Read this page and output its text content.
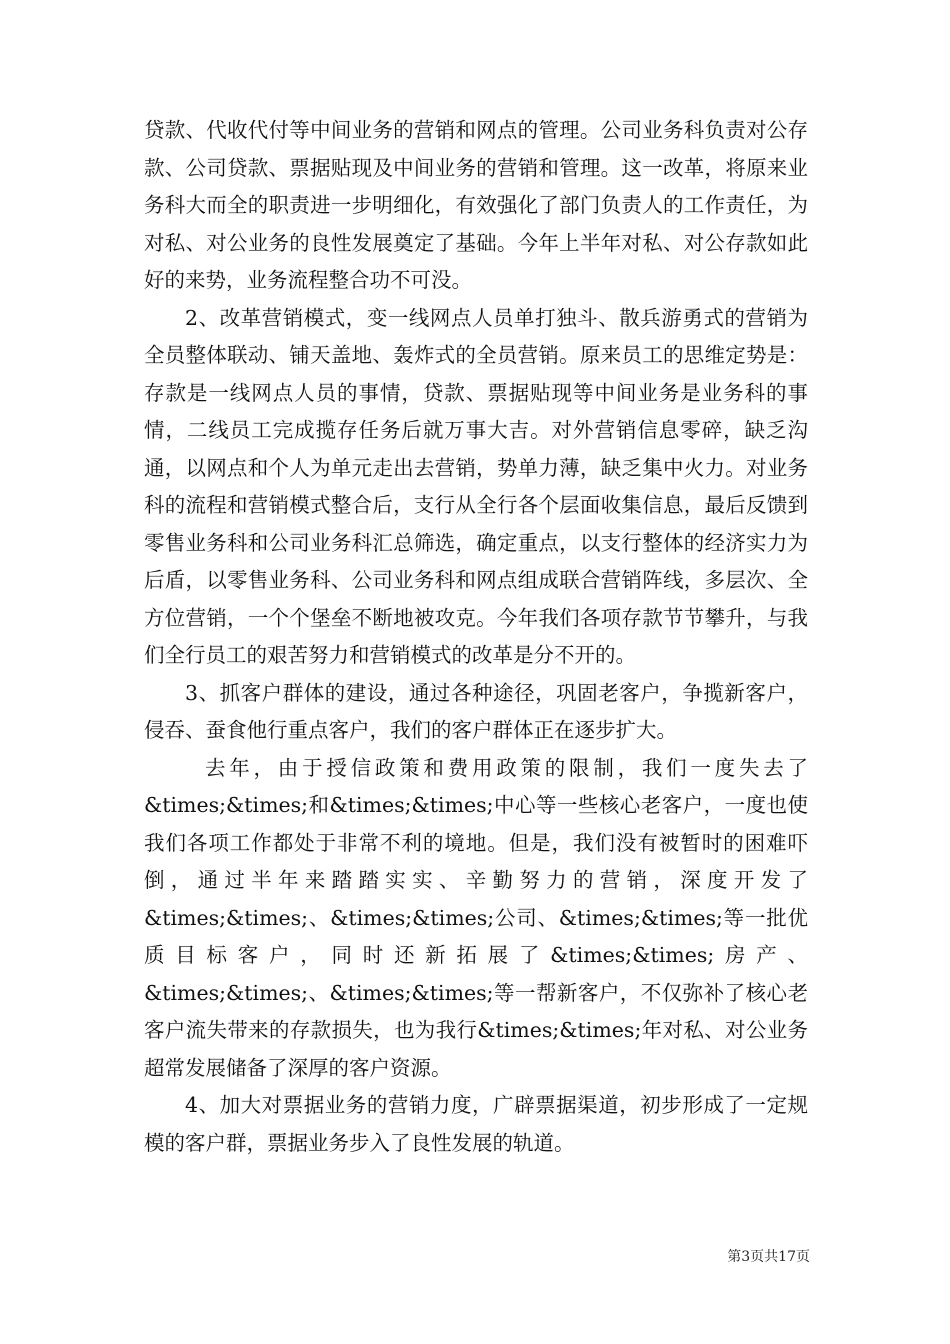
贷款、代收代付等中间业务的营销和网点的管理。公司业务科负责对公存款、公司贷款、票据贴现及中间业务的营销和管理。这一改革，将原来业务科大而全的职责进一步明细化，有效强化了部门负责人的工作责任，为对私、对公业务的良性发展奠定了基础。今年上半年对私、对公存款如此好的来势，业务流程整合功不可没。

2、改革营销模式，变一线网点人员单打独斗、散兵游勇式的营销为全员整体联动、铺天盖地、轰炸式的全员营销。原来员工的思维定势是：存款是一线网点人员的事情，贷款、票据贴现等中间业务是业务科的事情，二线员工完成揽存任务后就万事大吉。对外营销信息零碎，缺乏沟通，以网点和个人为单元走出去营销，势单力薄，缺乏集中火力。对业务科的流程和营销模式整合后，支行从全行各个层面收集信息，最后反馈到零售业务科和公司业务科汇总筛选，确定重点，以支行整体的经济实力为后盾，以零售业务科、公司业务科和网点组成联合营销阵线，多层次、全方位营销，一个个堡垒不断地被攻克。今年我们各项存款节节攀升，与我们全行员工的艰苦努力和营销模式的改革是分不开的。

3、抓客户群体的建设，通过各种途径，巩固老客户，争揽新客户，侵吞、蚕食他行重点客户，我们的客户群体正在逐步扩大。

去年，由于授信政策和费用政策的限制，我们一度失去了&times;&times;和&times;&times;中心等一些核心老客户，一度也使我们各项工作都处于非常不利的境地。但是，我们没有被暂时的困难吓倒，通过半年来踏踏实实、辛勤努力的营销，深度开发了&times;&times;、&times;&times;公司、&times;&times;等一批优质目标客户，同时还新拓展了&times;&times;房产、&times;&times;、&times;&times;等一帮新客户，不仅弥补了核心老客户流失带来的存款损失，也为我行&times;&times;年对私、对公业务超常发展储备了深厚的客户资源。

4、加大对票据业务的营销力度，广辟票据渠道，初步形成了一定规模的客户群，票据业务步入了良性发展的轨道。

第3页共17页
